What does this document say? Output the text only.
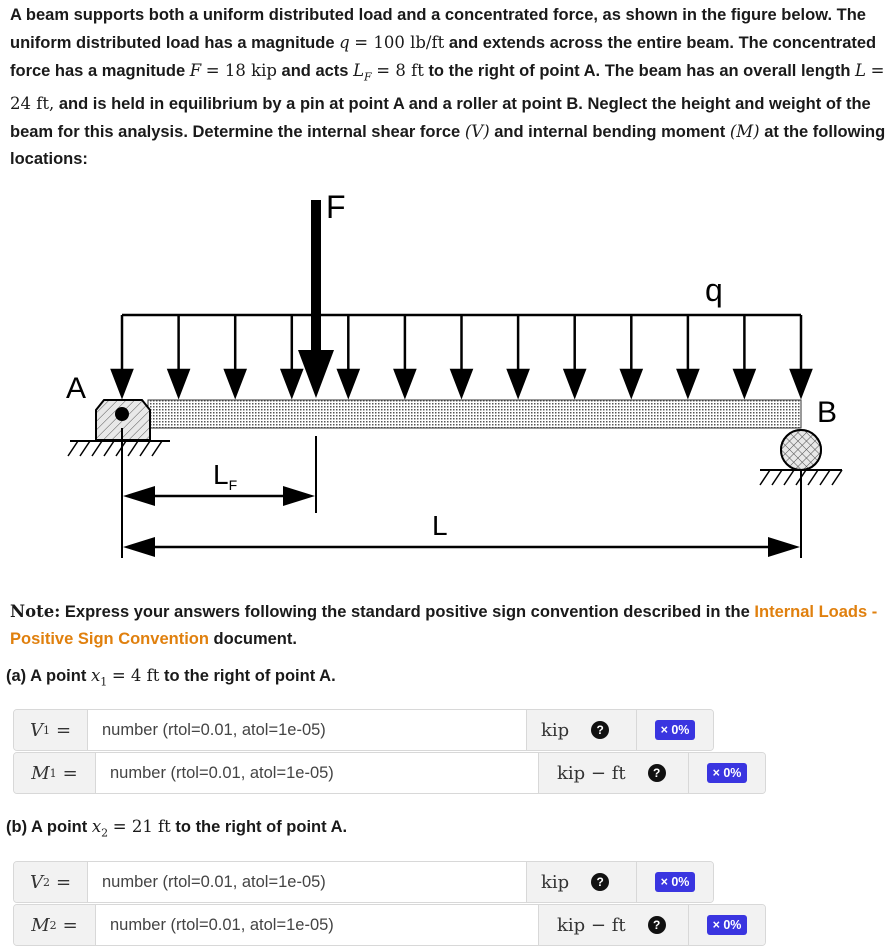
A beam supports both a uniform distributed load and a concentrated force, as shown in the figure below. The uniform distributed load has a magnitude q = 100 lb/ft and extends across the entire beam. The concentrated force has a magnitude F = 18 kip and acts $L_F = 8$ ft to the right of point A. The beam has an overall length L = 24 ft, and is held in equilibrium by a pin at point A and a roller at point B. Neglect the height and weight of the beam for this analysis. Determine the internal shear force (V) and internal bending moment (M) at the following locations:
F
q
A
B
$L_F$
L
Note: Express your answers following the standard positive sign convention described in the Internal Loads - Positive Sign Convention document.
(a) A point $x_1 = 4$ ft to the right of point A.
V 1 =	number (rtol=0.01, atol=1e-05)	kip	?	× 0%
M 1 =	number (rtol=0.01, atol=1e-05)	kip − ft	?	× 0%
(b) A point $x_2 = 21$ ft to the right of point A.
V 2 =	number (rtol=0.01, atol=1e-05)	kip	?	× 0%
M 2 =	number (rtol=0.01, atol=1e-05)	kip − ft	?	× 0%
